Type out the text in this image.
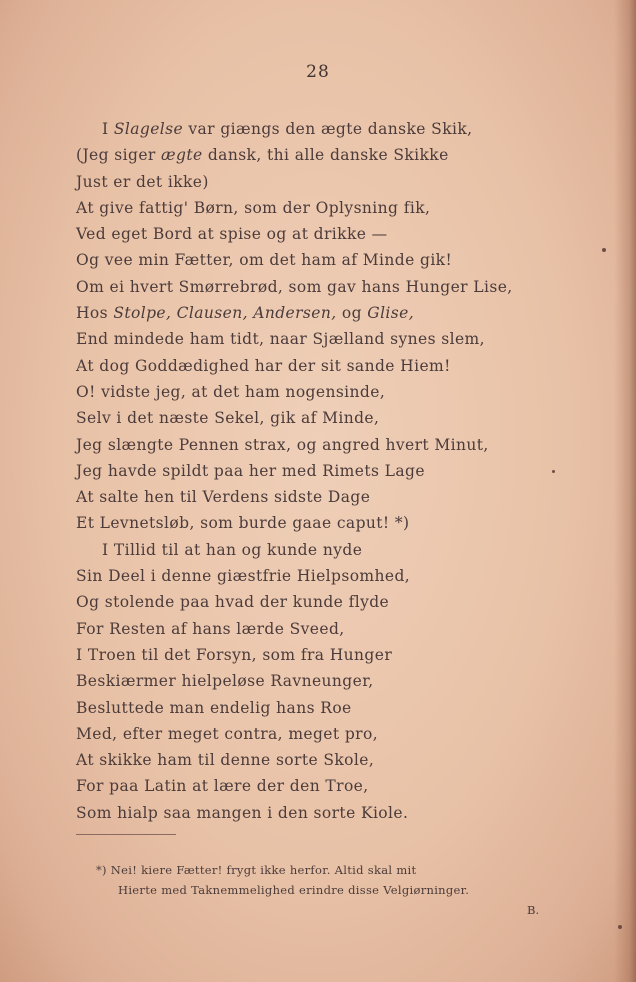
28
I Slagelse var giængs den ægte danske Skik,
(Jeg siger ægte dansk, thi alle danske Skikke
Just er det ikke)
At give fattig' Børn, som der Oplysning fik,
Ved eget Bord at spise og at drikke —
Og vee min Fætter, om det ham af Minde gik!
Om ei hvert Smørrebrød, som gav hans Hunger Lise,
Hos Stolpe, Clausen, Andersen, og Glise,
End mindede ham tidt, naar Sjælland synes slem,
At dog Goddædighed har der sit sande Hiem!
O! vidste jeg, at det ham nogensinde,
Selv i det næste Sekel, gik af Minde,
Jeg slængte Pennen strax, og angred hvert Minut,
Jeg havde spildt paa her med Rimets Lage
At salte hen til Verdens sidste Dage
Et Levnetsløb, som burde gaae caput! *)
I Tillid til at han og kunde nyde
Sin Deel i denne giæstfrie Hielpsomhed,
Og stolende paa hvad der kunde flyde
For Resten af hans lærde Sveed,
I Troen til det Forsyn, som fra Hunger
Beskiærmer hielpeløse Ravneunger,
Besluttede man endelig hans Roe
Med, efter meget contra, meget pro,
At skikke ham til denne sorte Skole,
For paa Latin at lære der den Troe,
Som hialp saa mangen i den sorte Kiole.
*) Nei! kiere Fætter! frygt ikke herfor. Altid skal mit
Hierte med Taknemmelighed erindre disse Velgiørninger.
B.
